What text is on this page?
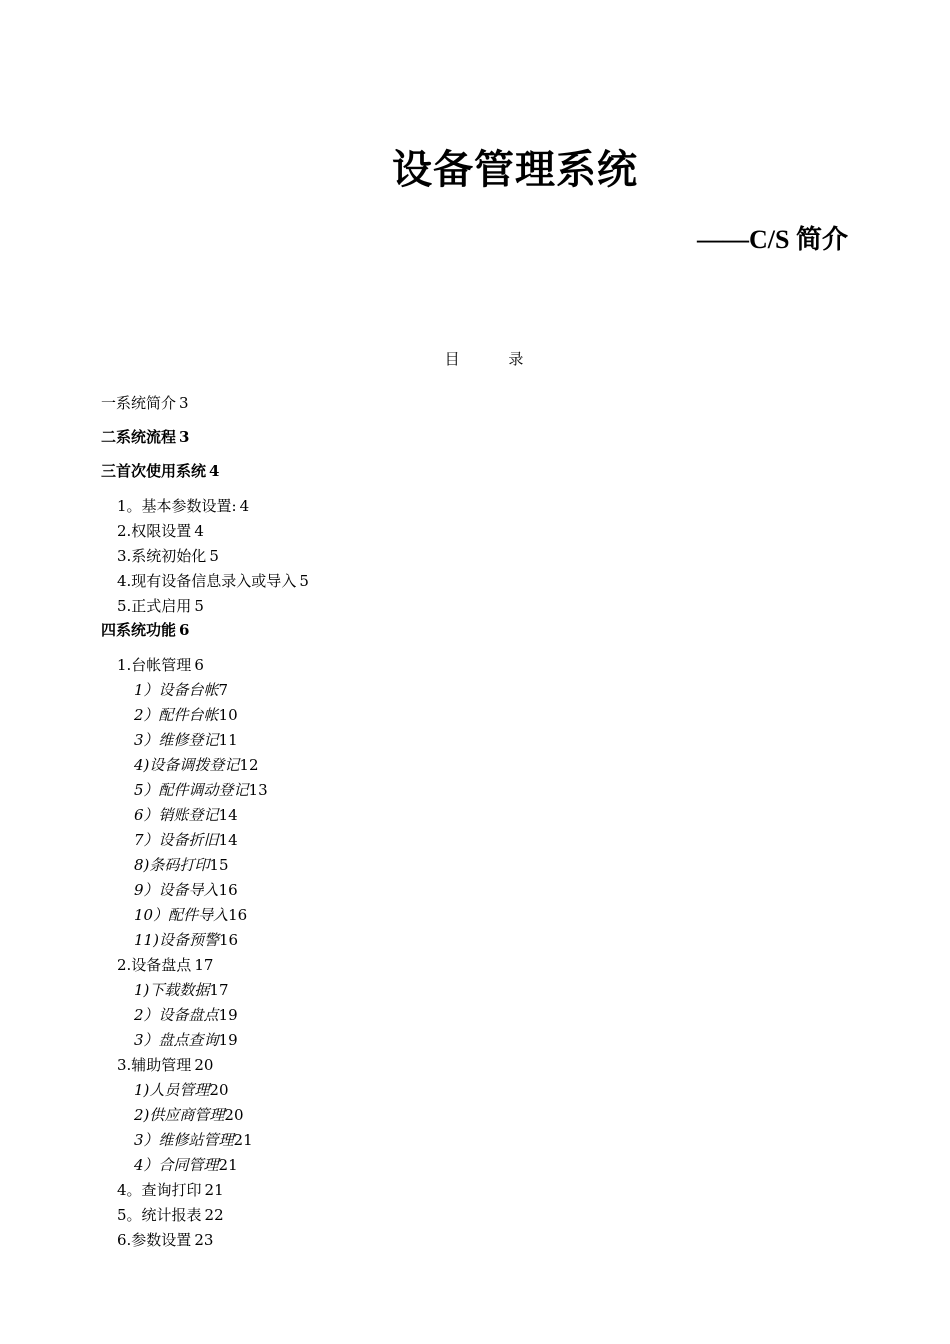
设备管理系统
——C/S 简介
目 录
一系统简介 3
二系统流程 3
三首次使用系统 4
1。基本参数设置: 4
2.权限设置 4
3.系统初始化 5
4.现有设备信息录入或导入 5
5.正式启用 5
四系统功能 6
1.台帐管理 6
1）设备台帐7
2）配件台帐10
3）维修登记11
4)设备调拨登记12
5）配件调动登记13
6）销账登记14
7）设备折旧14
8)条码打印15
9）设备导入16
10）配件导入16
11)设备预警16
2.设备盘点 17
1)下载数据17
2）设备盘点19
3）盘点查询19
3.辅助管理 20
1)人员管理20
2)供应商管理20
3）维修站管理21
4）合同管理21
4。查询打印 21
5。统计报表 22
6.参数设置 23
